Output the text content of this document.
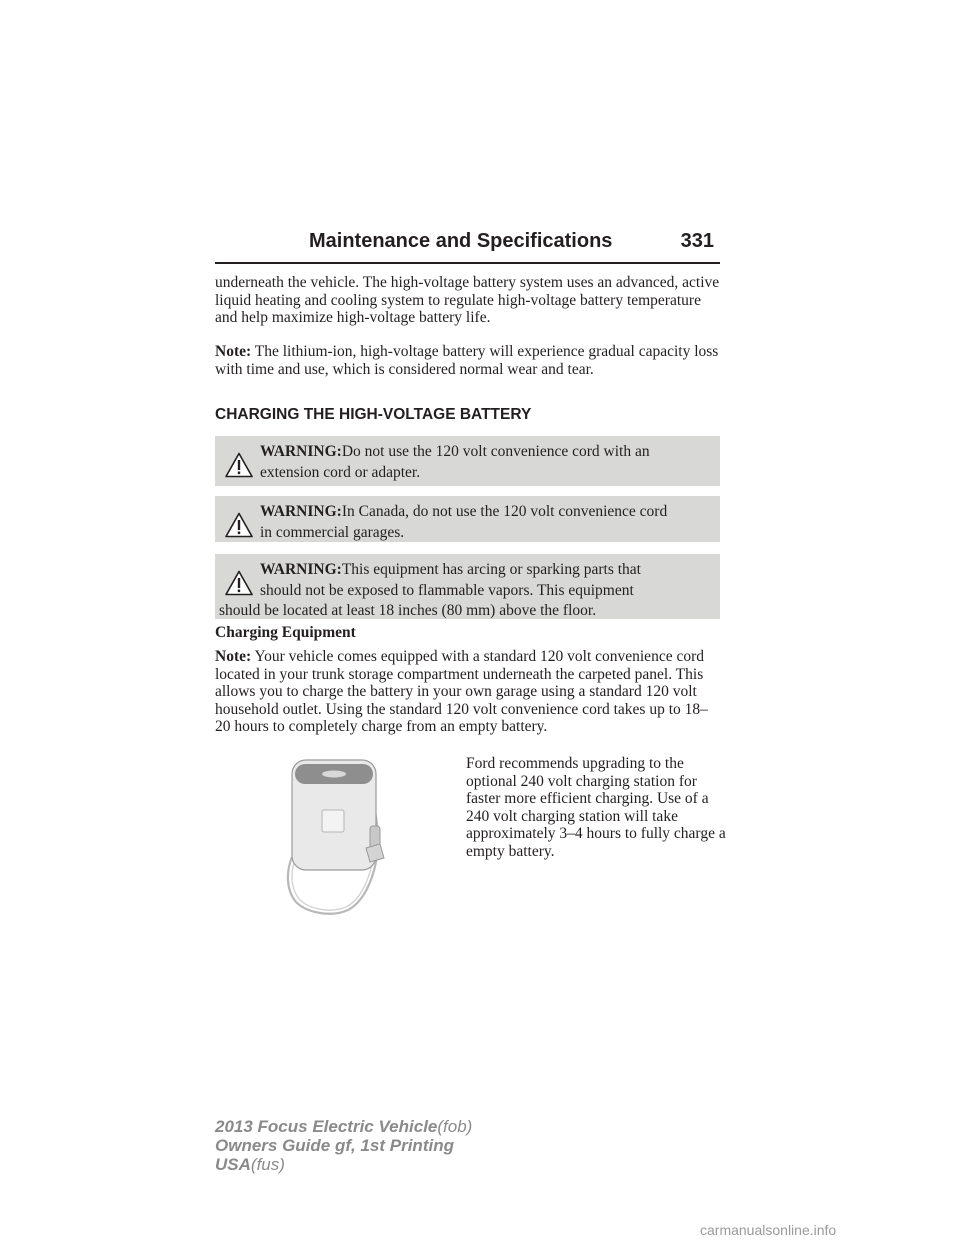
Maintenance and Specifications	331

underneath the vehicle. The high-voltage battery system uses an advanced, active liquid heating and cooling system to regulate high-voltage battery temperature and help maximize high-voltage battery life.

Note: The lithium-ion, high-voltage battery will experience gradual capacity loss with time and use, which is considered normal wear and tear.

CHARGING THE HIGH-VOLTAGE BATTERY
WARNING:Do not use the 120 volt convenience cord with an
extension cord or adapter.
WARNING:In Canada, do not use the 120 volt convenience cord
in commercial garages.
WARNING:This equipment has arcing or sparking parts that
should not be exposed to flammable vapors. This equipment
should be located at least 18 inches (80 mm) above the floor.
Charging Equipment

Note: Your vehicle comes equipped with a standard 120 volt convenience cord located in your trunk storage compartment underneath the carpeted panel. This allows you to charge the battery in your own garage using a standard 120 volt household outlet. Using the standard 120 volt convenience cord takes up to 18–20 hours to completely charge from an empty battery.

Ford recommends upgrading to the optional 240 volt charging station for faster more efficient charging. Use of a 240 volt charging station will take approximately 3–4 hours to fully charge a empty battery.
2013 Focus Electric Vehicle(fob)
Owners Guide gf, 1st Printing
USA(fus)
carmanualsonline.info
